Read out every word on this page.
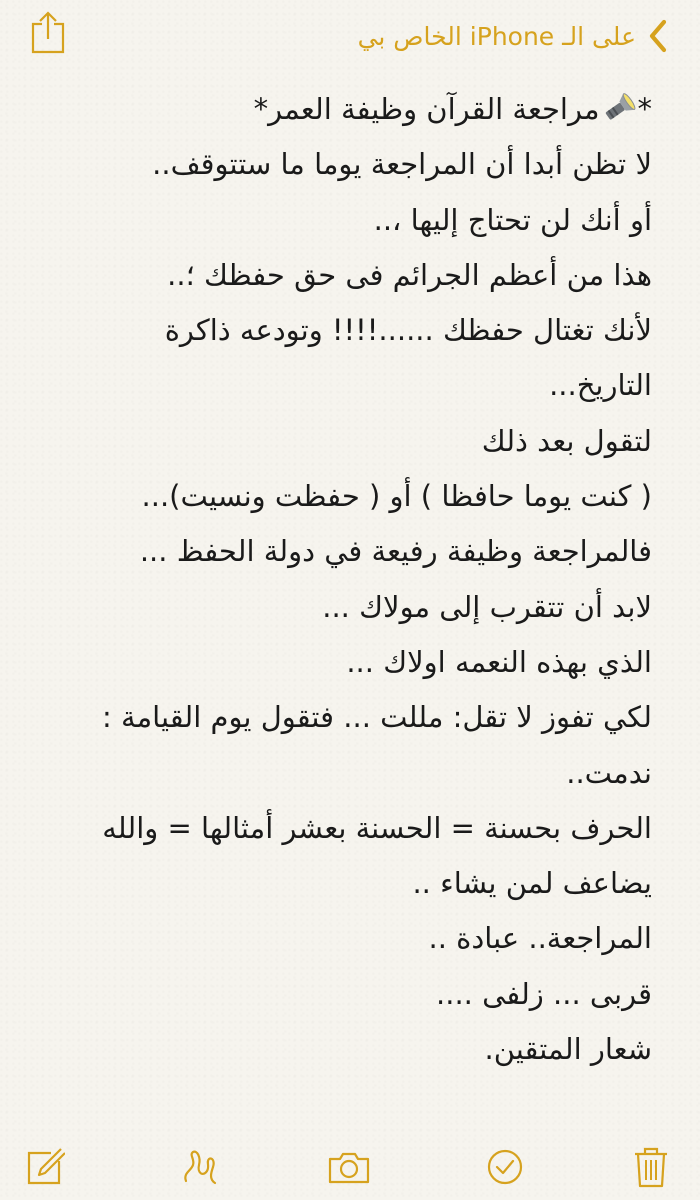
على الـ iPhone الخاص بي
*مراجعة القرآن وظيفة العمر*
لا تظن أبدا أن المراجعة يوما ما ستتوقف..
أو أنك لن تحتاج إليها ،..
هذا من أعظم الجرائم فى حق حفظك ؛..
لأنك تغتال حفظك ......!!!! وتودعه ذاكرة
التاريخ...
لتقول بعد ذلك
( كنت يوما حافظا ) أو ( حفظت ونسيت)...
فالمراجعة وظيفة رفيعة في دولة الحفظ ...
لابد أن تتقرب إلى مولاك ...
الذي بهذه النعمه اولاك ...
لكي تفوز لا تقل: مللت ... فتقول يوم القيامة :
ندمت..
الحرف بحسنة = الحسنة بعشر أمثالها = والله
يضاعف لمن يشاء ..
المراجعة.. عبادة ..
قربى ... زلفى ....
شعار المتقين.
